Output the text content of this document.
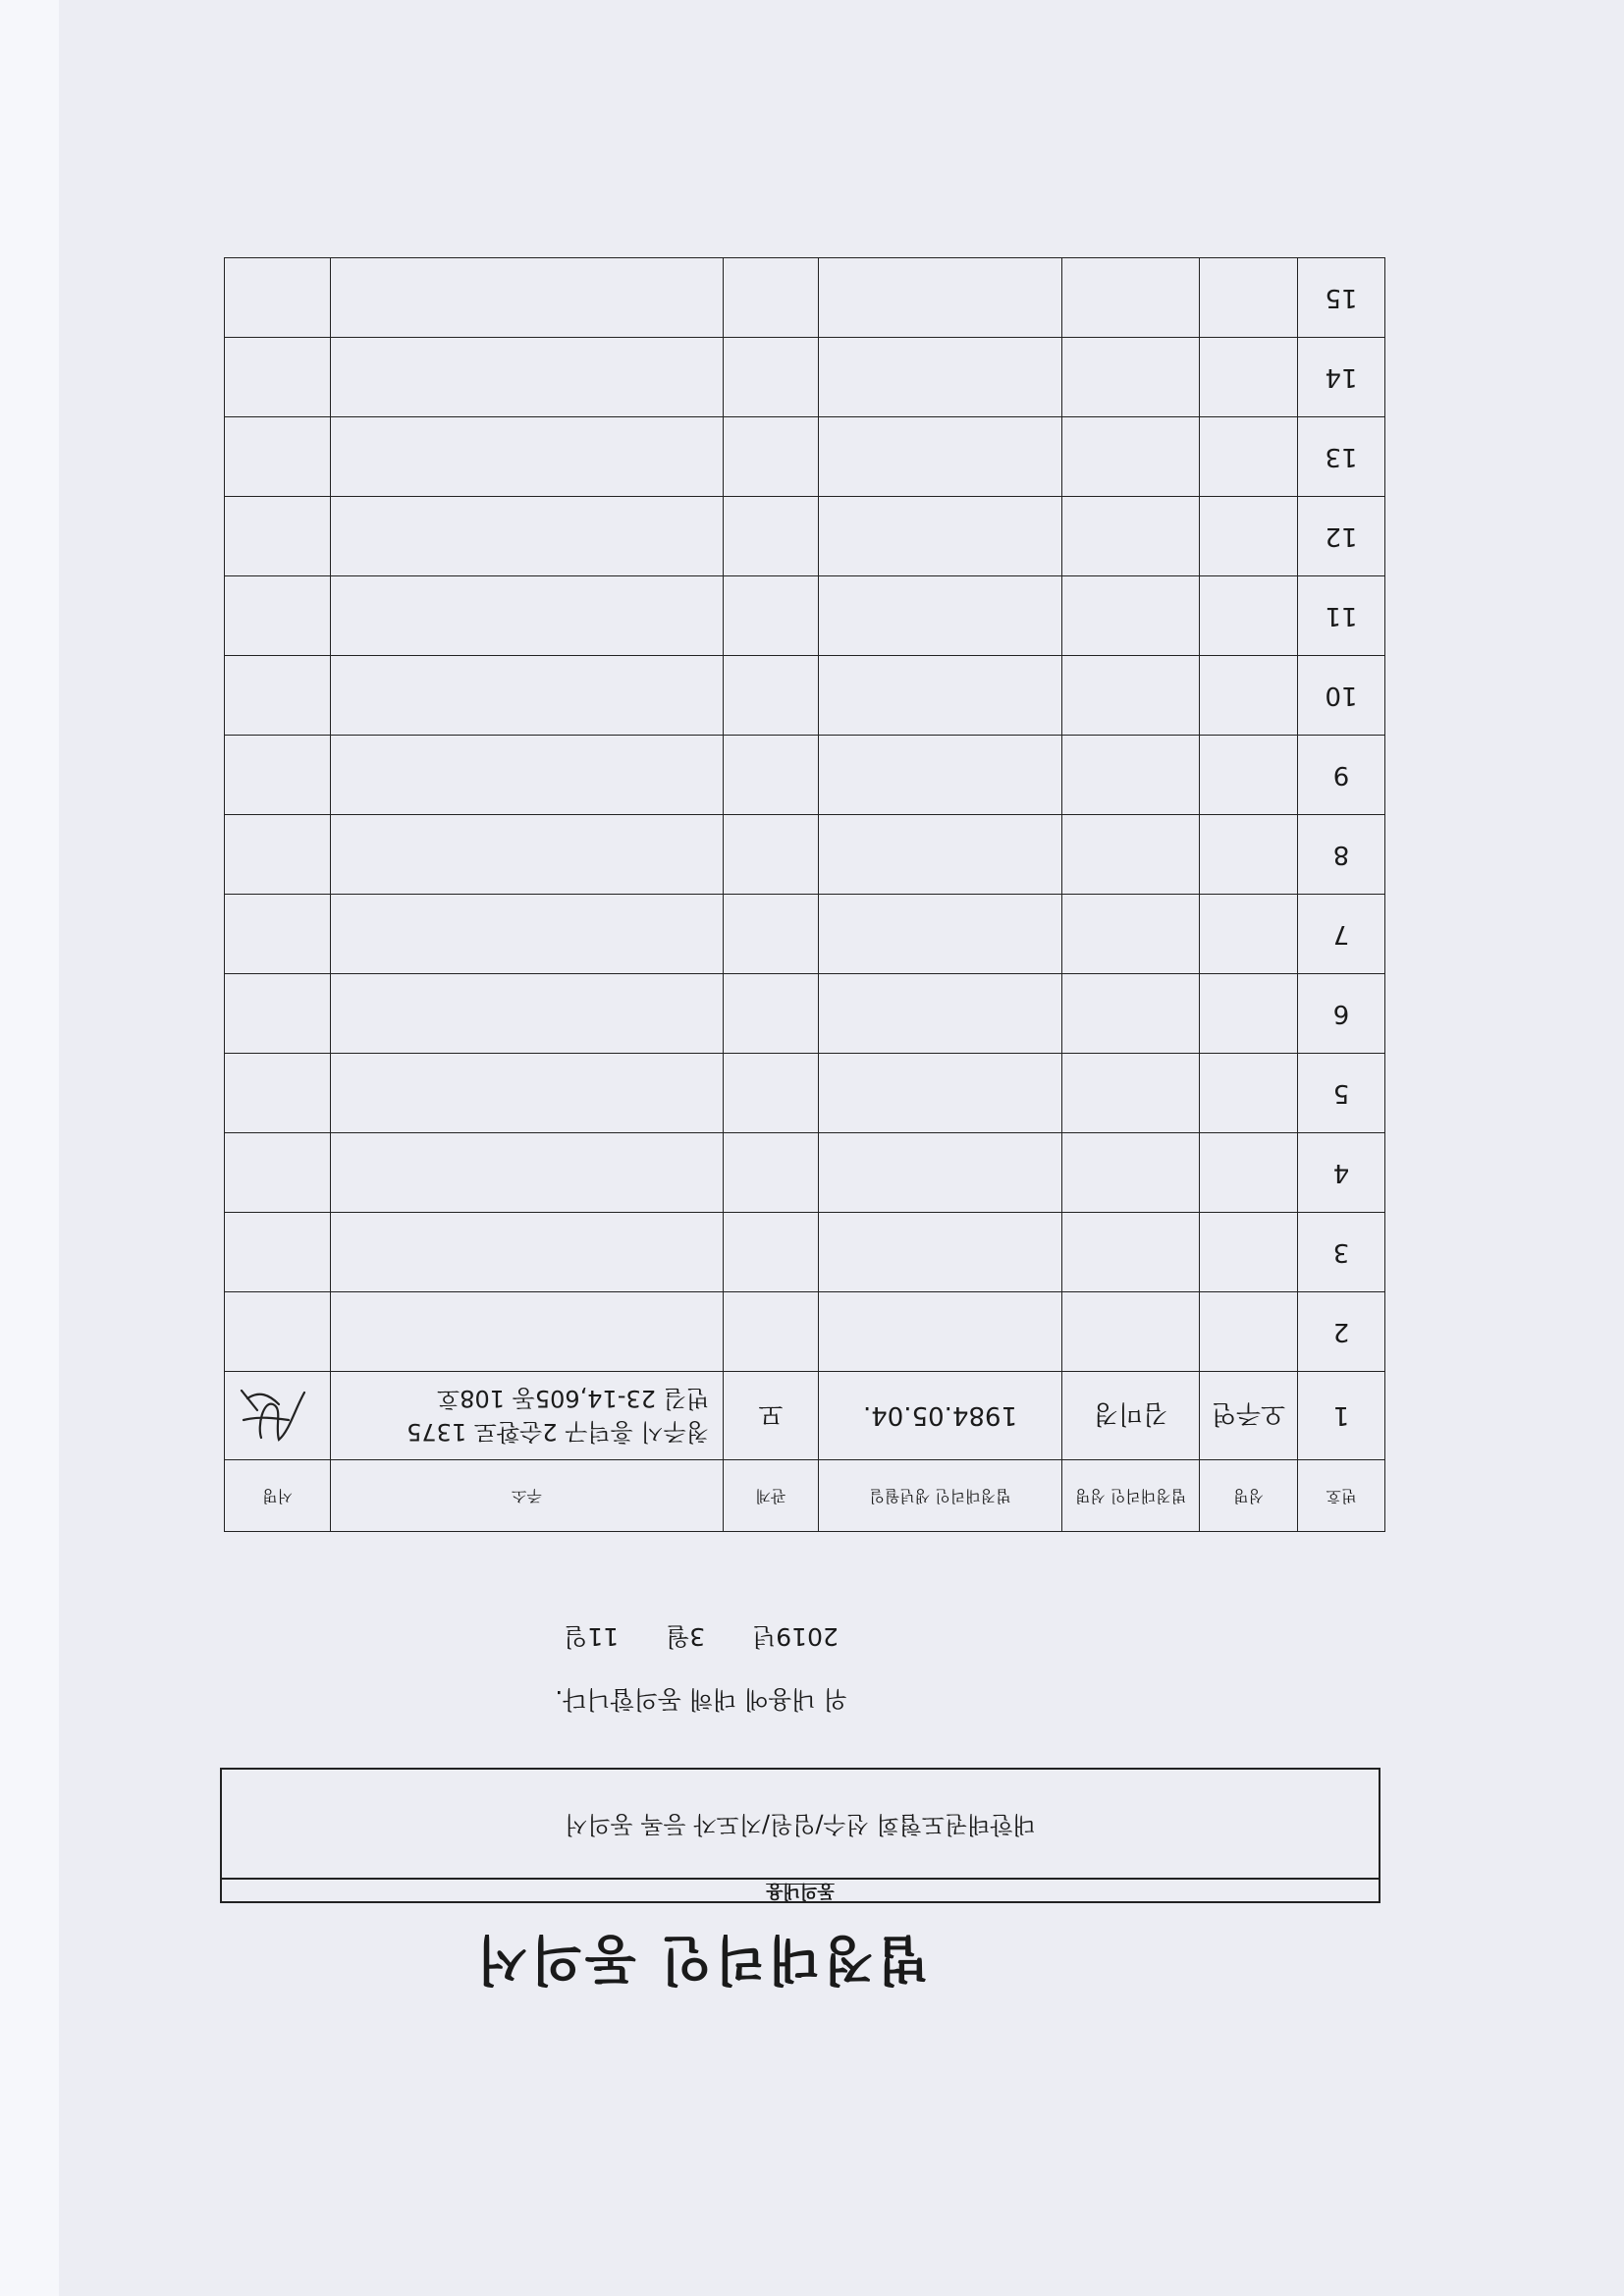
법정대리인 동의서
동의내용
대한태권도협회 선수/임원/지도자 등록 동의서
위 내용에 대해 동의합니다.
2019년 3월 11일
번호	성명	법정대리인 성명	법정대리인 생년월일	관계	주소	서명
1	오주연	김미경	1984.05.04.	모	청주시 흥덕구 2순환로 1375
번길 23-14,605동 108호

2					

3					

4					

5					

6					

7					

8					

9					

10					

11					

12					

13					

14					

15					
